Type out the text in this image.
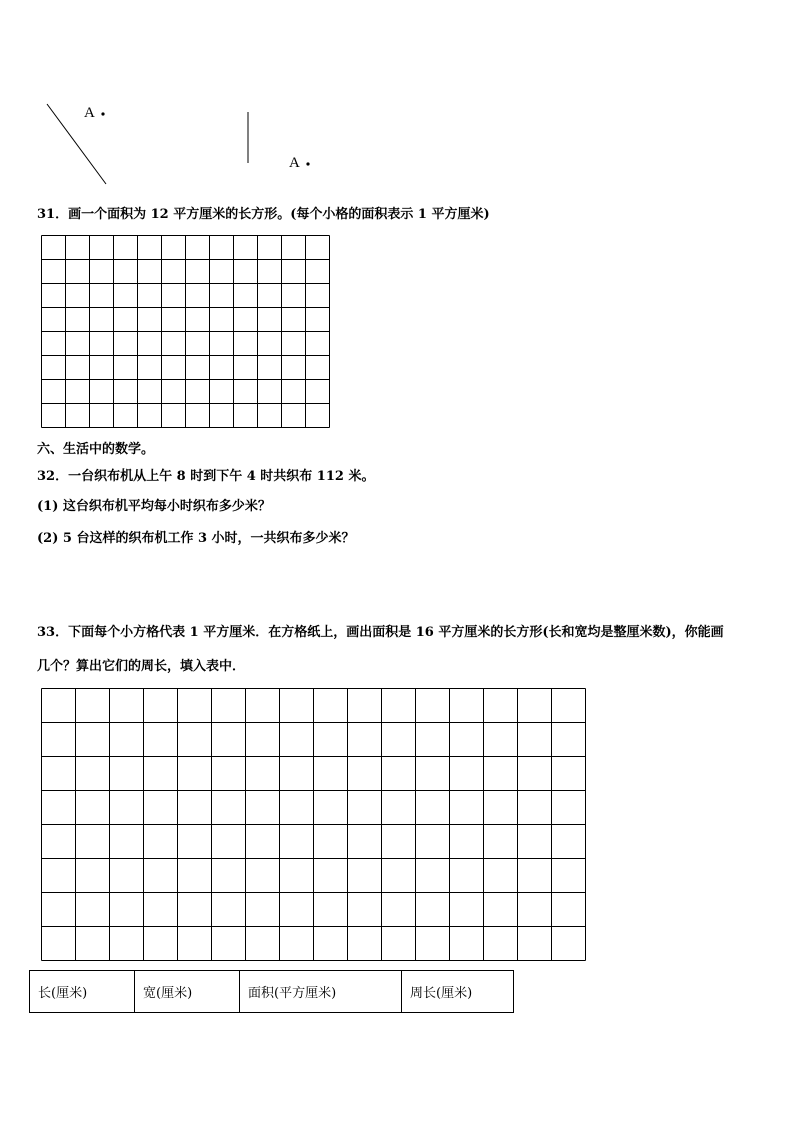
A
A
31．画一个面积为 12 平方厘米的长方形。(每个小格的面积表示 1 平方厘米)
六、生活中的数学。
32．一台织布机从上午 8 时到下午 4 时共织布 112 米。
(1) 这台织布机平均每小时织布多少米？
(2) 5 台这样的织布机工作 3 小时，一共织布多少米？
33．下面每个小方格代表 1 平方厘米．在方格纸上，画出面积是 16 平方厘米的长方形(长和宽均是整厘米数)，你能画
几个？算出它们的周长，填入表中．
长(厘米)	宽(厘米)	面积(平方厘米)	周长(厘米)
